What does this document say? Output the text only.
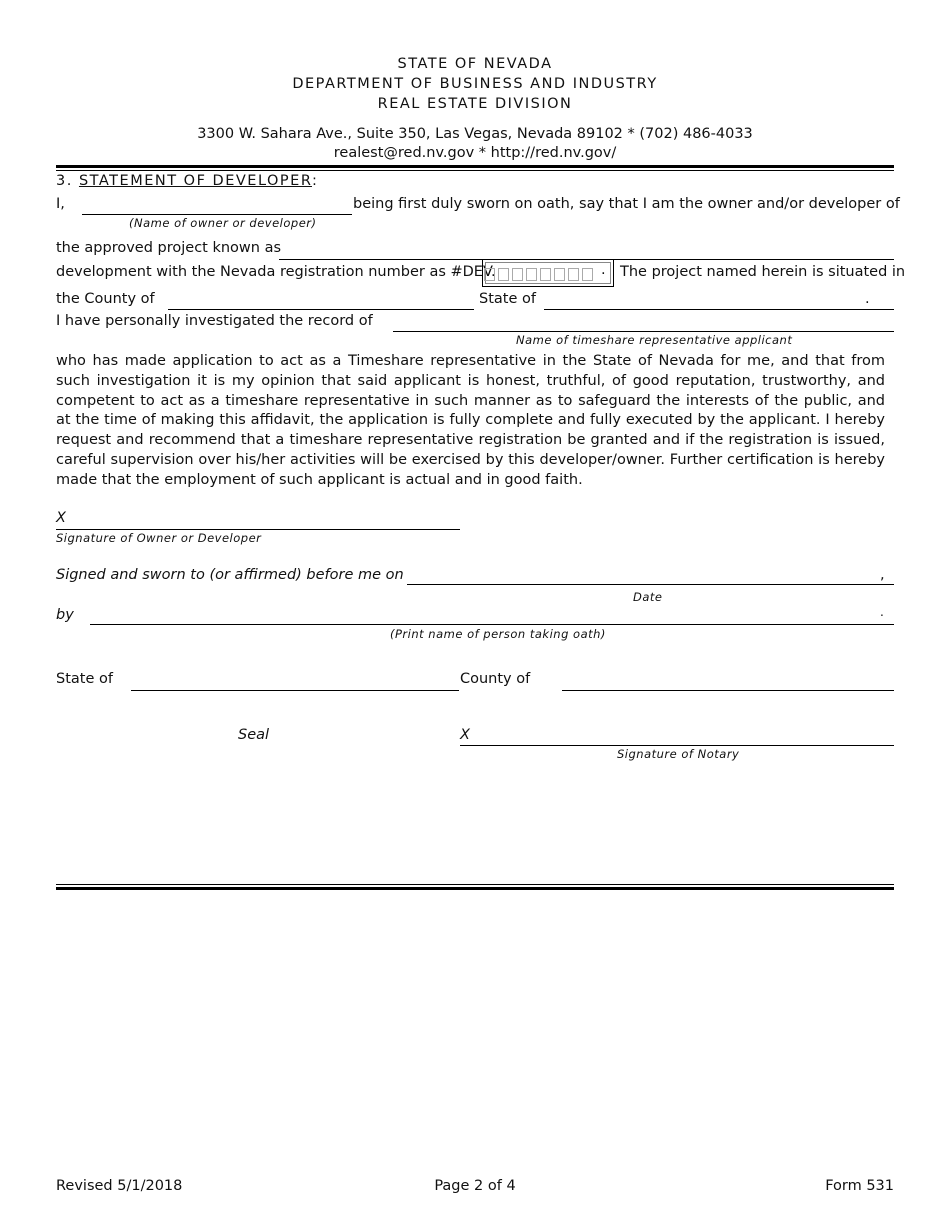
STATE OF NEVADA
DEPARTMENT OF BUSINESS AND INDUSTRY
REAL ESTATE DIVISION
3300 W. Sahara Ave., Suite 350, Las Vegas, Nevada 89102 * (702) 486-4033
realest@red.nv.gov * http://red.nv.gov/
3. STATEMENT OF DEVELOPER:
I,	being first duly sworn on oath, say that I am the owner and/or developer of
(Name of owner or developer)
the approved project known as
development with the Nevada registration number as #DEV.	. The project named herein is situated in
the County of	State of	.
I have personally investigated the record of
Name of timeshare representative applicant
who has made application to act as a Timeshare representative in the State of Nevada for me, and that from such investigation it is my opinion that said applicant is honest, truthful, of good reputation, trustworthy, and competent to act as a timeshare representative in such manner as to safeguard the interests of the public, and at the time of making this affidavit, the application is fully complete and fully executed by the applicant. I hereby request and recommend that a timeshare representative registration be granted and if the registration is issued, careful supervision over his/her activities will be exercised by this developer/owner. Further certification is hereby made that the employment of such applicant is actual and in good faith.
X
Signature of Owner or Developer
Signed and sworn to (or affirmed) before me on	,
Date
by	.
(Print name of person taking oath)
State of	County of
Seal	X
Signature of Notary
Revised 5/1/2018	Page 2 of 4	Form 531
